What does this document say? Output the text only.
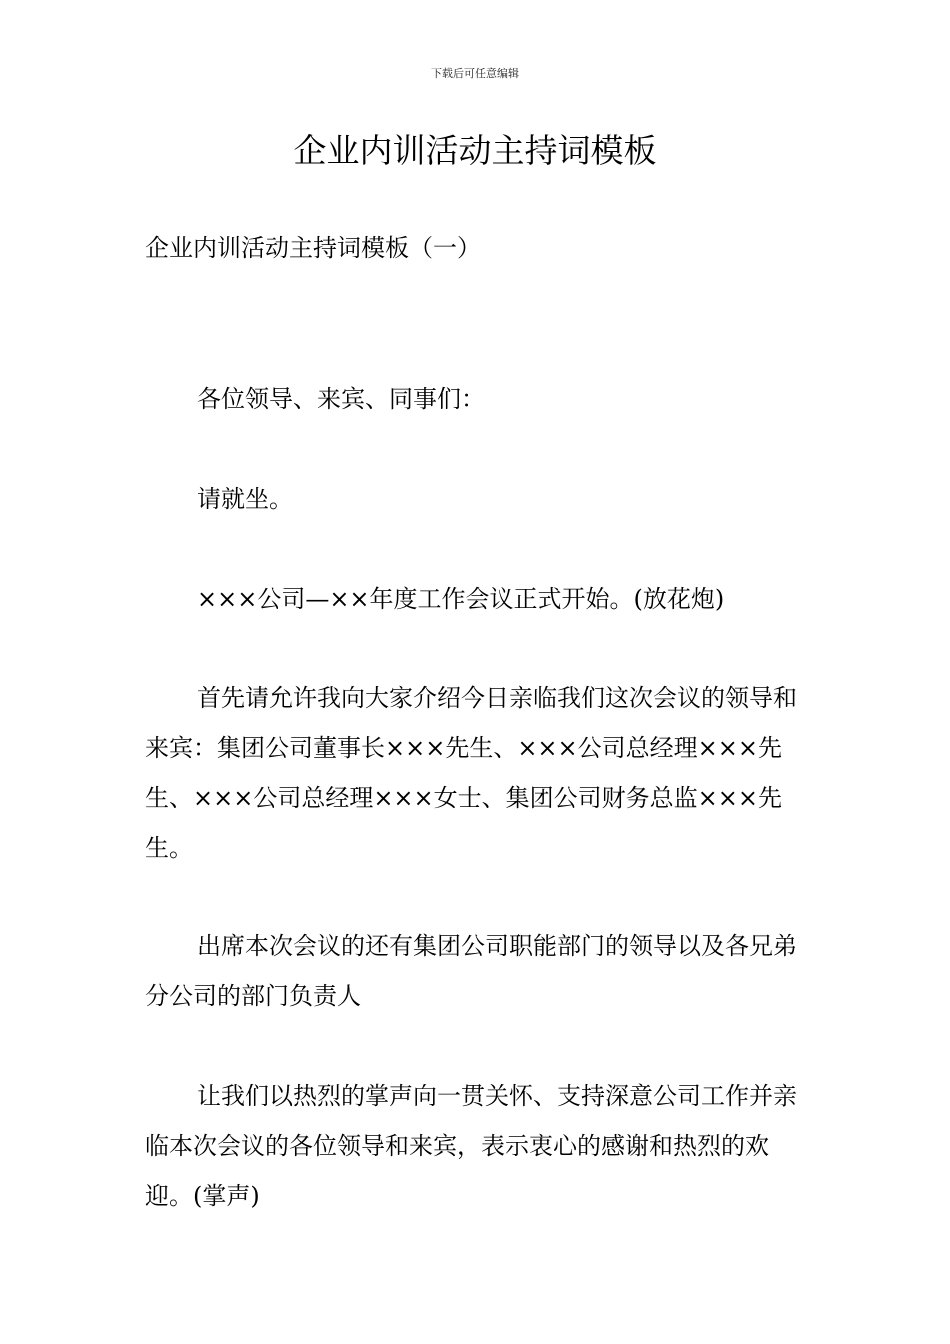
下载后可任意编辑
企业内训活动主持词模板

企业内训活动主持词模板（一）

各位领导、来宾、同事们：

请就坐。

×××公司—××年度工作会议正式开始。(放花炮)

首先请允许我向大家介绍今日亲临我们这次会议的领导和来宾：集团公司董事长×××先生、×××公司总经理×××先生、×××公司总经理×××女士、集团公司财务总监×××先生。

出席本次会议的还有集团公司职能部门的领导以及各兄弟分公司的部门负责人

让我们以热烈的掌声向一贯关怀、支持深意公司工作并亲临本次会议的各位领导和来宾，表示衷心的感谢和热烈的欢迎。(掌声)
